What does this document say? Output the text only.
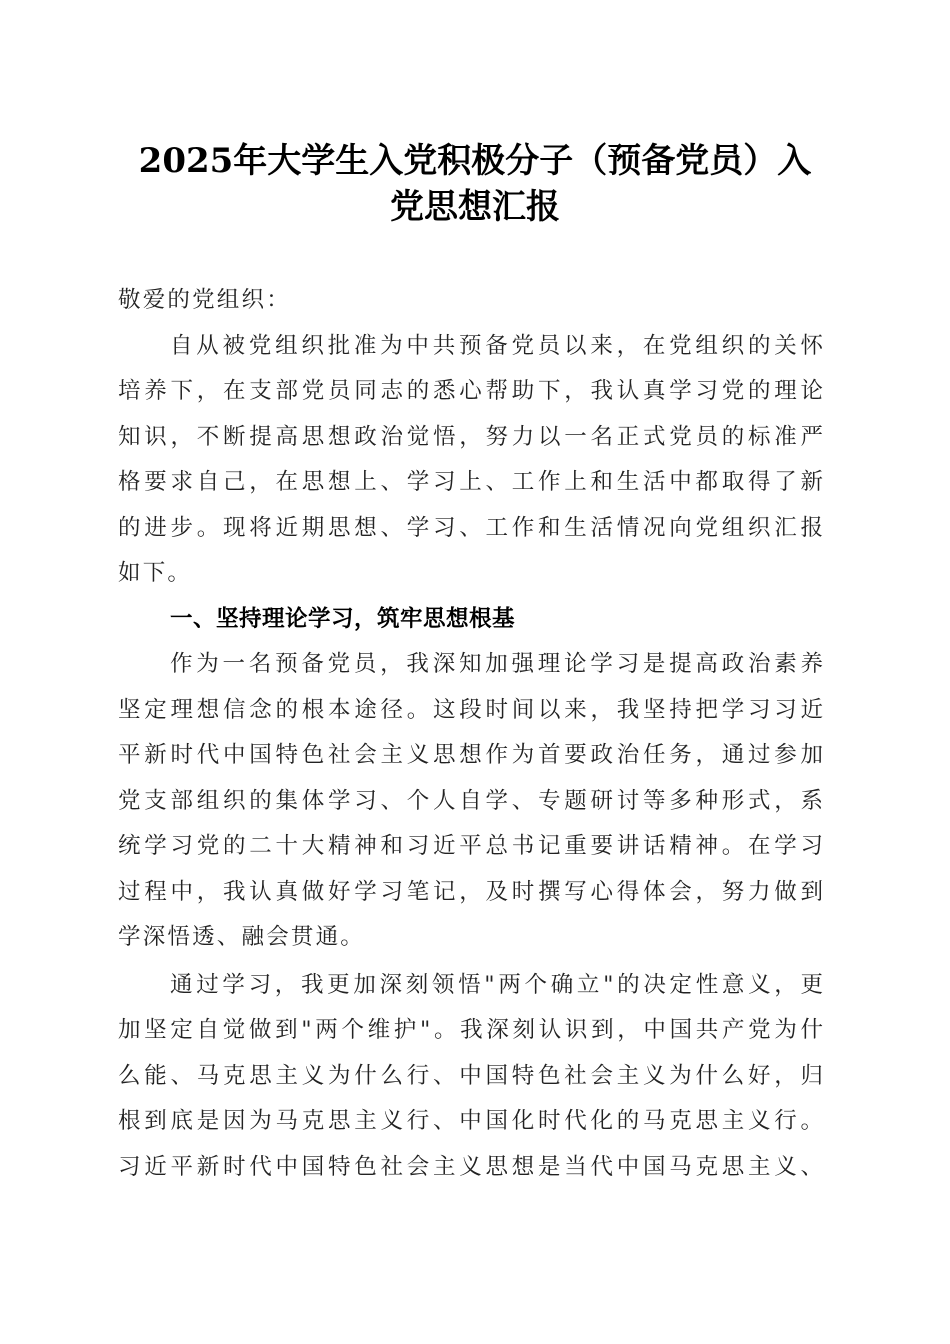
2025年大学生入党积极分子（预备党员）入
党思想汇报
敬爱的党组织：
自从被党组织批准为中共预备党员以来，在党组织的关怀
培养下，在支部党员同志的悉心帮助下，我认真学习党的理论
知识，不断提高思想政治觉悟，努力以一名正式党员的标准严
格要求自己，在思想上、学习上、工作上和生活中都取得了新
的进步。现将近期思想、学习、工作和生活情况向党组织汇报
如下。
一、坚持理论学习，筑牢思想根基
作为一名预备党员，我深知加强理论学习是提高政治素养
坚定理想信念的根本途径。这段时间以来，我坚持把学习习近
平新时代中国特色社会主义思想作为首要政治任务，通过参加
党支部组织的集体学习、个人自学、专题研讨等多种形式，系
统学习党的二十大精神和习近平总书记重要讲话精神。在学习
过程中，我认真做好学习笔记，及时撰写心得体会，努力做到
学深悟透、融会贯通。
通过学习，我更加深刻领悟"两个确立"的决定性意义，更
加坚定自觉做到"两个维护"。我深刻认识到，中国共产党为什
么能、马克思主义为什么行、中国特色社会主义为什么好，归
根到底是因为马克思主义行、中国化时代化的马克思主义行。
习近平新时代中国特色社会主义思想是当代中国马克思主义、
